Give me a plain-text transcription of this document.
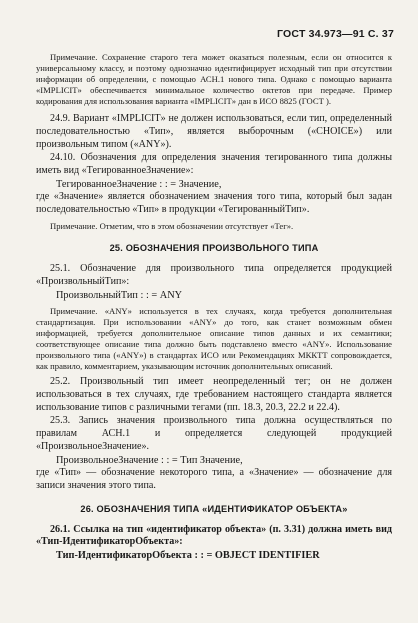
ГОСТ 34.973—91 С. 37

Примечание. Сохранение старого тега может оказаться полезным, если он относится к универсальному классу, и поэтому однозначно идентифицирует исходный тип при отсутствии информации об определении, с помощью АСН.1 нового типа. Однако с помощью варианта «IMPLICIT» обеспечивается минимальное количество октетов при передаче. Пример кодирования для использования варианта «IMPLICIT» дан в ИСО 8825 (ГОСТ ).

24.9. Вариант «IMPLICIT» не должен использоваться, если тип, определенный последовательностью «Тип», является выборочным («CHOICE») или произвольным типом («ANY»).

24.10. Обозначения для определения значения тегированного типа должны иметь вид «ТегированноеЗначение»:

ТегированноеЗначение : : = Значение,

где «Значение» является обозначением значения того типа, который был задан последовательностью «Тип» в продукции «ТегированныйТип».

Примечание. Отметим, что в этом обозначении отсутствует «Тег».

25. ОБОЗНАЧЕНИЯ ПРОИЗВОЛЬНОГО ТИПА

25.1. Обозначение для произвольного типа определяется продукцией «ПроизвольныйТип»:

ПроизвольныйТип : : = ANY

Примечание. «ANY» используется в тех случаях, когда требуется дополнительная стандартизация. При использовании «ANY» до того, как станет возможным обмен информацией, требуется дополнительное описание типов данных и их семантики; соответствующее описание типа должно быть подставлено вместо «ANY». Использование произвольного типа («ANY») в стандартах ИСО или Рекомендациях МККТТ сопровождается, как правило, комментарием, указывающим источник дополнительных описаний.

25.2. Произвольный тип имеет неопределенный тег; он не должен использоваться в тех случаях, где требованием настоящего стандарта является использование типов с различными тегами (пп. 18.3, 20.3, 22.2 и 22.4).

25.3. Запись значения произвольного типа должна осуществляться по правилам АСН.1 и определяется следующей продукцией «ПроизвольноеЗначение».

ПроизвольноеЗначение : : = Тип Значение,

где «Тип» — обозначение некоторого типа, а «Значение» — обозначение для записи значения этого типа.

26. ОБОЗНАЧЕНИЯ ТИПА «ИДЕНТИФИКАТОР ОБЪЕКТА»

26.1. Ссылка на тип «идентификатор объекта» (п. 3.31) должна иметь вид «Тип-ИдентификаторОбъекта»:

Тип-ИдентификаторОбъекта : : = OBJECT IDENTIFIER
